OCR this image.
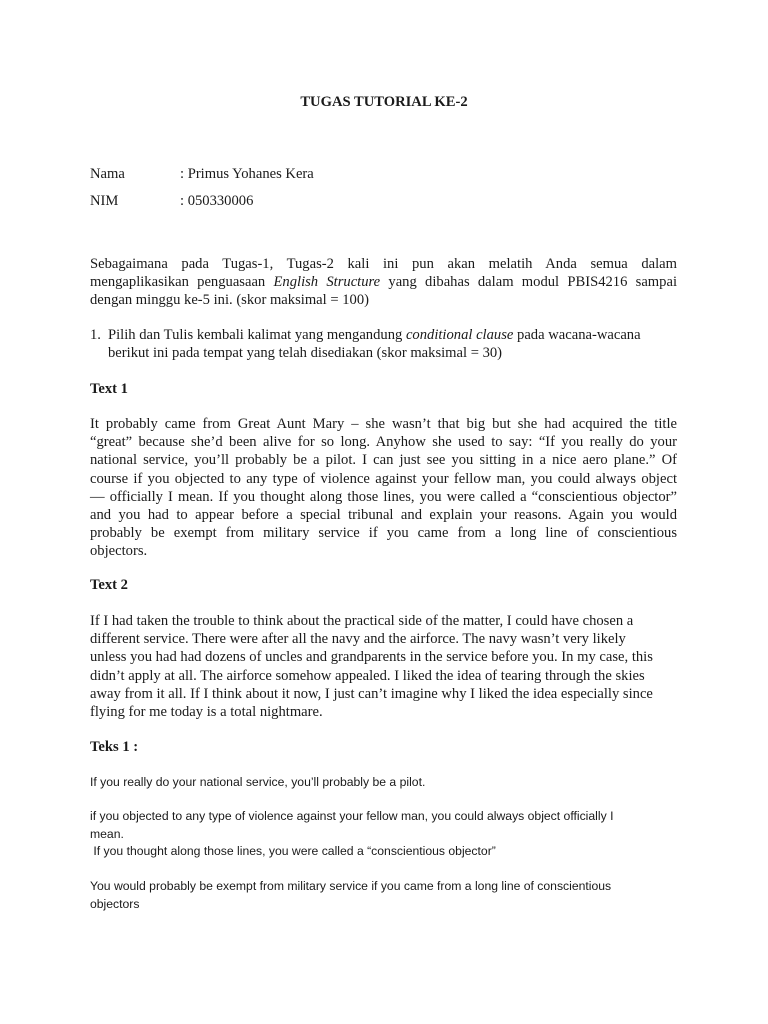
TUGAS TUTORIAL KE-2
Nama	: Primus Yohanes Kera
NIM	: 050330006
Sebagaimana pada Tugas-1, Tugas-2 kali ini pun akan melatih Anda semua dalam
mengaplikasikan penguasaan English Structure yang dibahas dalam modul PBIS4216 sampai
dengan minggu ke-5 ini. (skor maksimal = 100)
1. Pilih dan Tulis kembali kalimat yang mengandung conditional clause pada wacana-wacana
berikut ini pada tempat yang telah disediakan (skor maksimal = 30)
Text 1
It probably came from Great Aunt Mary – she wasn’t that big but she had acquired the title
“great” because she’d been alive for so long. Anyhow she used to say: “If you really do your
national service, you’ll probably be a pilot. I can just see you sitting in a nice aero plane.” Of
course if you objected to any type of violence against your fellow man, you could always object
— officially I mean. If you thought along those lines, you were called a “conscientious objector”
and you had to appear before a special tribunal and explain your reasons. Again you would
probably be exempt from military service if you came from a long line of conscientious
objectors.
Text 2
If I had taken the trouble to think about the practical side of the matter, I could have chosen a
different service. There were after all the navy and the airforce. The navy wasn’t very likely
unless you had had dozens of uncles and grandparents in the service before you. In my case, this
didn’t apply at all. The airforce somehow appealed. I liked the idea of tearing through the skies
away from it all. If I think about it now, I just can’t imagine why I liked the idea especially since
flying for me today is a total nightmare.
Teks 1 :
If you really do your national service, you’ll probably be a pilot.
if you objected to any type of violence against your fellow man, you could always object officially I
mean.
If you thought along those lines, you were called a “conscientious objector”
You would probably be exempt from military service if you came from a long line of conscientious
objectors
